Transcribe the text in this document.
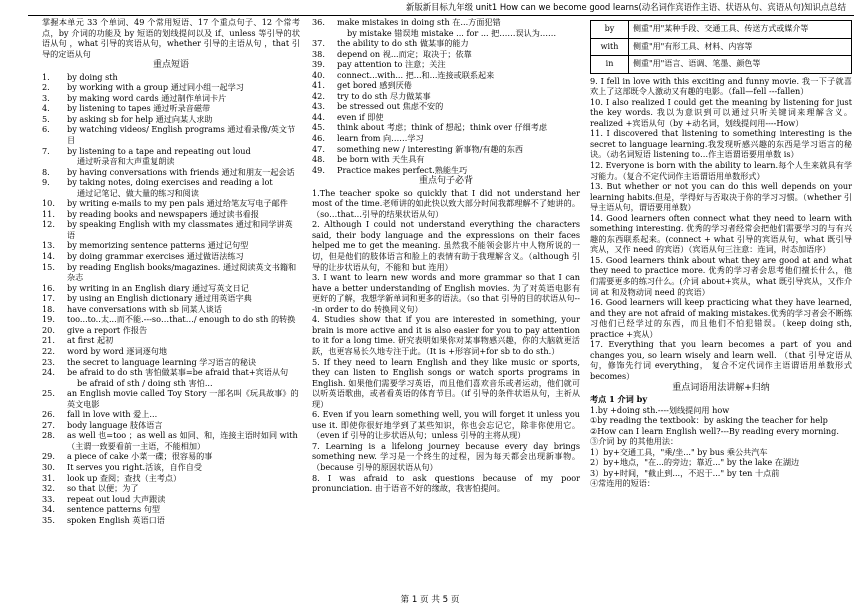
新版新目标九年级 unit1 How can we become good learns(动名词作宾语作主语、状语从句、宾语从句)知识点总结
掌握本单元 33 个单词、49 个常用短语、17 个重点句子、12 个常考点，by 介词的功能及 by 短语的划线提问以及 if、unless 等引导的状语从句 ，what 引导的宾语从句，whether 引导的主语从句 ，that 引导的定语从句
重点短语
1.	by doing sth
2.	by working with a group 通过同小组一起学习
3.	by making word cards 通过制作单词卡片
4.	by listening to tapes 通过听录音磁带
5.	by asking sb for help 通过向某人求助
6.	by watching videos/ English programs 通过看录像/英文节目
7.	by listening to a tape and repeating out loud
通过听录音和大声重复朗读
8.	by having conversations with friends 通过和朋友一起会话
9.	by taking notes, doing exercises and reading a lot
通过记笔记、做大量的练习和阅读
10.	by writing e-mails to my pen pals 通过给笔友写电子邮件
11.	by reading books and newspapers 通过读书看报
12.	by speaking English with my classmates 通过和同学讲英语
13.	by memorizing sentence patterns 通过记句型
14.	by doing grammar exercises 通过做语法练习
15.	by reading English books/magazines. 通过阅读英文书籍和杂志
16.	by writing in an English diary 通过写英文日记
17.	by using an English dictionary 通过用英语字典
18.	have conversations with sb 同某人谈话
19.	too...to..太...而不能.---so…that…/ enough to do sth 的转换
20.	give a report 作报告
21.	at first 起初
22.	word by word 逐词逐句地
23.	the secret to language learning 学习语言的秘诀
24.	be afraid to do sth 害怕做某事=be afraid that+宾语从句
be afraid of sth / doing sth 害怕...
25.	an English movie called Toy Story 一部名叫《玩具故事》的英文电影
26.	fall in love with 爱上...
27.	body language 肢体语言
28.	as well 也=too ；as well as 如同、和，连接主语时如同 with（主谓一致要看前一主语，不能相加）
29.	a piece of cake 小菜一碟；很容易的事
30.	It serves you right.活该，自作自受
31.	look up 查阅；查找（主考点）
32.	so that 以便；为了
33.	repeat out loud 大声跟读
34.	sentence patterns 句型
35.	spoken English 英语口语
36.	make mistakes in doing sth 在...方面犯错
by mistake 错误地 mistake ... for ... 把……误认为……
37.	the ability to do sth 做某事的能力
38.	depend on 视...而定；取决于；依靠
39.	pay attention to 注意；关注
40.	connect...with... 把...和...连接或联系起来
41.	get bored 感到厌倦
42.	try to do sth 尽力做某事
43.	be stressed out 焦虑不安的
44.	even if 即使
45.	think about 考虑；think of 想起；think over 仔细考虑
46.	learn from 向……学习
47.	something new / interesting 新事物/有趣的东西
48.	be born with 天生具有
49.	Practice makes perfect.熟能生巧
重点句子必背
1.The teacher spoke so quickly that I did not understand her most of the time.老师讲的如此快以致大部分时间我都理解不了她讲的。（so…that…引导的结果状语从句）
2. Although I could not understand everything the characters said, their body language and the expressions on their faces helped me to get the meaning. 虽然我不能领会影片中人物所说的一切，但是他们的肢体语言和脸上的表情有助于我理解含义。（although 引导的让步状语从句，不能和 but 连用）
3. I want to learn new words and more grammar so that I can have a better understanding of English movies. 为了对英语电影有更好的了解，我想学新单词和更多的语法。（so that 引导的目的状语从句---in order to do 转换同义句）
4. Studies show that if you are interested in something, your brain is more active and it is also easier for you to pay attention to it for a long time. 研究表明如果你对某事物感兴趣，你的大脑就更活跃，也更容易长久地专注于此。（It is +形容词+for sb to do sth.）
5. If they need to learn English and they like music or sports, they can listen to English songs or watch sports programs in English. 如果他们需要学习英语，而且他们喜欢音乐或者运动，他们就可以听英语歌曲，或者看英语的体育节目。（if 引导的条件状语从句，主祈从现）
6. Even if you learn something well, you will forget it unless you use it. 即使你很好地学到了某些知识，你也会忘记它，除非你使用它。（even if 引导的让步状语从句；unless 引导的主将从现）
7. Learning is a lifelong journey because every day brings something new. 学习是一个终生的过程，因为每天都会出现新事物。（because 引导的原因状语从句）
8. I was afraid to ask questions because of my poor pronunciation. 由于语音不好的缘故，我害怕提问。
by	侧重"用"某种手段、交通工具、传送方式或媒介等
with	侧重"用"有形工具、材料、内容等
in	侧重"用"语言、语调、笔墨、颜色等
9. I fell in love with this exciting and funny movie. 我一下子就喜欢上了这部既令人激动又有趣的电影。（fall—fell ---fallen）
10. I also realized I could get the meaning by listening for just the key words. 我以为意识到可以通过只听关键词来理解含义。realized +宾语从句（by +动名词，划线提问用----How）
11. I discovered that listening to something interesting is the secret to language learning.我发现听感兴趣的东西是学习语言的秘诀。（动名词短语 listening to…作主语谓语要用单数 is）
12. Everyone is born with the ability to learn.每个人生来就具有学习能力。（复合不定代词作主语谓语用单数形式）
13. But whether or not you can do this well depends on your learning habits.但是，学得好与否取决于你的学习习惯。（whether 引导主语从句，谓语要用单数）
14. Good learners often connect what they need to learn with something interesting. 优秀的学习者经常会把他们需要学习的与有兴趣的东西联系起来。(connect + what 引导的宾语从句，what 既引导宾从，又作 need 的宾语）（宾语从句三注意：连词，时态加语序）
15. Good learners think about what they are good at and what they need to practice more. 优秀的学习者会思考他们擅长什么，他们需要更多的练习什么。(介词 about+宾从，what 既引导宾从，又作介词 at 和及物动词 need 的宾语）
16. Good learners will keep practicing what they have learned, and they are not afraid of making mistakes.优秀的学习者会不断练习他们已经学过的东西，而且他们不怕犯错误。（keep doing sth, practice +宾从）
17. Everything that you learn becomes a part of you and changes you, so learn wisely and learn well. （that 引导定语从句，修饰先行词 everything， 复合不定代词作主语谓语用单数形式 becomes）
重点词语用法讲解+归纳
考点 1 介词 by
1.by +doing sth.----划线提问用 how
①by reading the textbook：by asking the teacher for help
②How can I learn English well?---By reading every morning.
③介词 by 的其他用法：
1）by+交通工具，"乘/坐..." by bus 乘公共汽车
2）by+地点，"在...的旁边；靠近..." by the lake 在湖边
3）by+时间，"截止到...，不迟于..." by ten 十点前
④常连用的短语：
第 1 页 共 5 页
